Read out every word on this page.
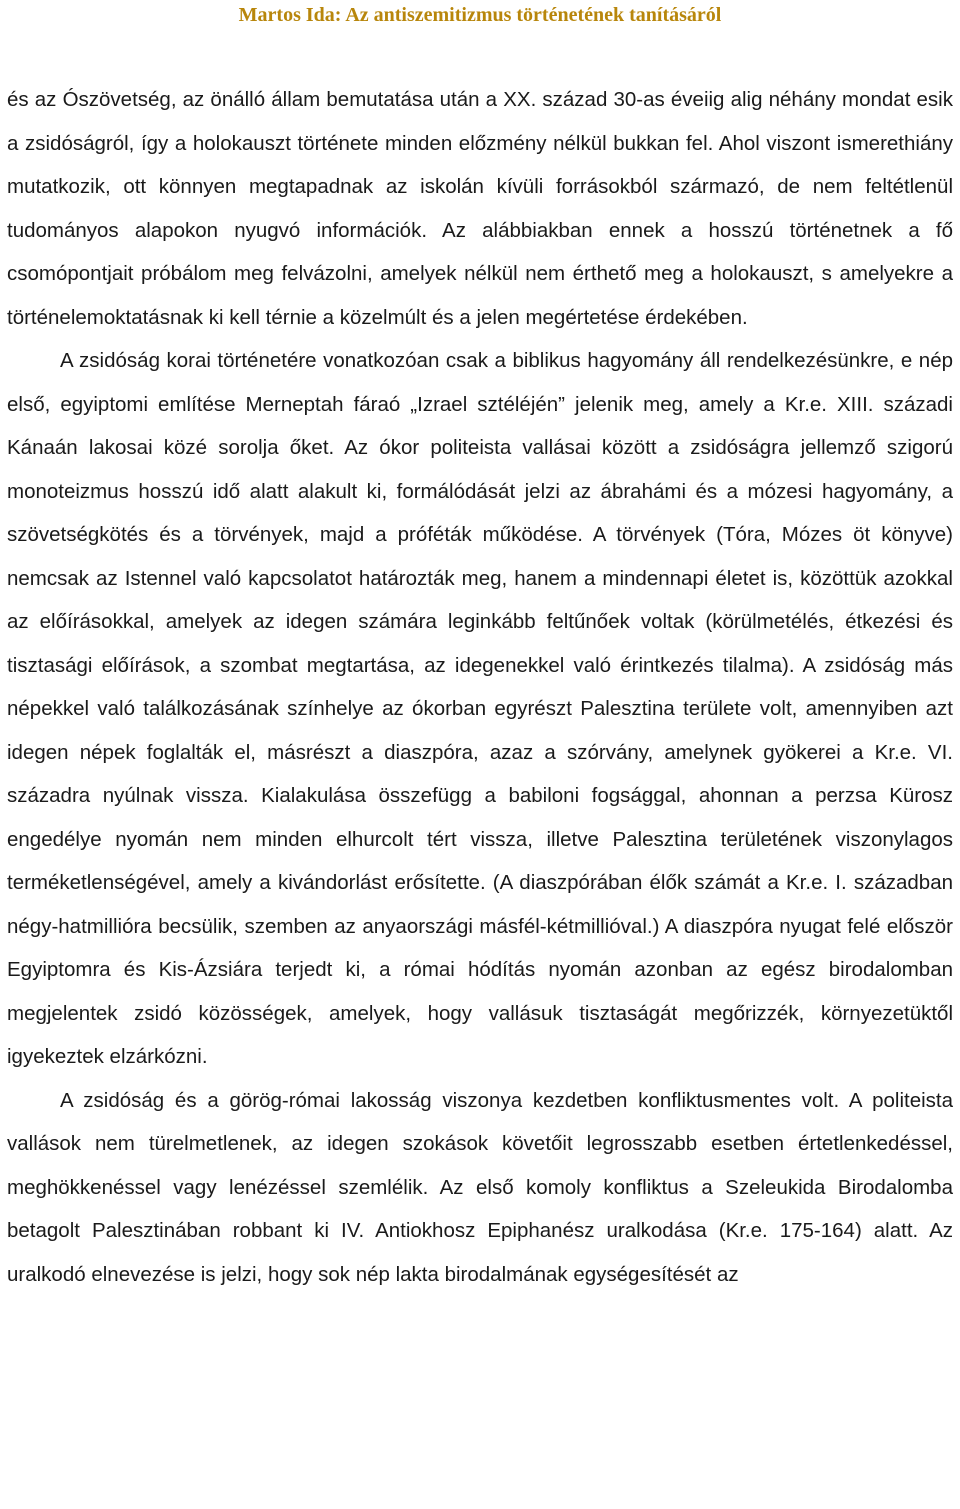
Martos Ida: Az antiszemitizmus történetének tanításáról

és az Ószövetség, az önálló állam bemutatása után a XX. század 30-as éveiig alig néhány mondat esik a zsidóságról, így a holokauszt története minden előzmény nélkül bukkan fel. Ahol viszont ismerethiány mutatkozik, ott könnyen megtapadnak az iskolán kívüli forrásokból származó, de nem feltétlenül tudományos alapokon nyugvó információk. Az alábbiakban ennek a hosszú történetnek a fő csomópontjait próbálom meg felvázolni, amelyek nélkül nem érthető meg a holokauszt, s amelyekre a történelemoktatásnak ki kell térnie a közelmúlt és a jelen megértetése érdekében.

A zsidóság korai történetére vonatkozóan csak a biblikus hagyomány áll rendelkezésünkre, e nép első, egyiptomi említése Merneptah fáraó „Izrael sztéléjén” jelenik meg, amely a Kr.e. XIII. századi Kánaán lakosai közé sorolja őket. Az ókor politeista vallásai között a zsidóságra jellemző szigorú monoteizmus hosszú idő alatt alakult ki, formálódását jelzi az ábrahámi és a mózesi hagyomány, a szövetségkötés és a törvények, majd a próféták működése. A törvények (Tóra, Mózes öt könyve) nemcsak az Istennel való kapcsolatot határozták meg, hanem a mindennapi életet is, közöttük azokkal az előírásokkal, amelyek az idegen számára leginkább feltűnőek voltak (körülmetélés, étkezési és tisztasági előírások, a szombat megtartása, az idegenekkel való érintkezés tilalma). A zsidóság más népekkel való találkozásának színhelye az ókorban egyrészt Palesztina területe volt, amennyiben azt idegen népek foglalták el, másrészt a diaszpóra, azaz a szórvány, amelynek gyökerei a Kr.e. VI. századra nyúlnak vissza. Kialakulása összefügg a babiloni fogsággal, ahonnan a perzsa Kürosz engedélye nyomán nem minden elhurcolt tért vissza, illetve Palesztina területének viszonylagos terméketlenségével, amely a kivándorlást erősítette. (A diaszpórában élők számát a Kr.e. I. században négy-hatmillióra becsülik, szemben az anyaországi másfél-kétmillióval.) A diaszpóra nyugat felé először Egyiptomra és Kis-Ázsiára terjedt ki, a római hódítás nyomán azonban az egész birodalomban megjelentek zsidó közösségek, amelyek, hogy vallásuk tisztaságát megőrizzék, környezetüktől igyekeztek elzárkózni.

A zsidóság és a görög-római lakosság viszonya kezdetben konfliktusmentes volt. A politeista vallások nem türelmetlenek, az idegen szokások követőit legrosszabb esetben értetlenkedéssel, meghökkenéssel vagy lenézéssel szemlélik. Az első komoly konfliktus a Szeleukida Birodalomba betagolt Palesztinában robbant ki IV. Antiokhosz Epiphanész uralkodása (Kr.e. 175-164) alatt. Az uralkodó elnevezése is jelzi, hogy sok nép lakta birodalmának egységesítését az
